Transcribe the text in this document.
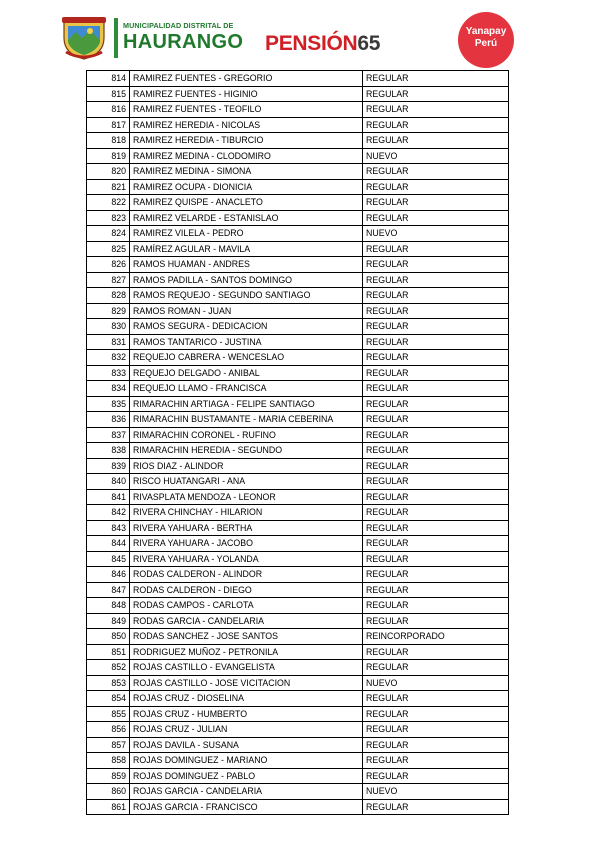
MUNICIPALIDAD DISTRITAL DE
HAURANGO PENSIÓN65
Yanapay
Perú
814	RAMIREZ FUENTES - GREGORIO	REGULAR
815	RAMIREZ FUENTES - HIGINIO	REGULAR
816	RAMIREZ FUENTES - TEOFILO	REGULAR
817	RAMIREZ HEREDIA - NICOLAS	REGULAR
818	RAMIREZ HEREDIA - TIBURCIO	REGULAR
819	RAMIREZ MEDINA - CLODOMIRO	NUEVO
820	RAMIREZ MEDINA - SIMONA	REGULAR
821	RAMIREZ OCUPA - DIONICIA	REGULAR
822	RAMIREZ QUISPE - ANACLETO	REGULAR
823	RAMIREZ VELARDE - ESTANISLAO	REGULAR
824	RAMIREZ VILELA - PEDRO	NUEVO
825	RAMÍREZ AGULAR - MAVILA	REGULAR
826	RAMOS HUAMAN - ANDRES	REGULAR
827	RAMOS PADILLA - SANTOS DOMINGO	REGULAR
828	RAMOS REQUEJO - SEGUNDO SANTIAGO	REGULAR
829	RAMOS ROMAN - JUAN	REGULAR
830	RAMOS SEGURA - DEDICACION	REGULAR
831	RAMOS TANTARICO - JUSTINA	REGULAR
832	REQUEJO CABRERA - WENCESLAO	REGULAR
833	REQUEJO DELGADO - ANIBAL	REGULAR
834	REQUEJO LLAMO - FRANCISCA	REGULAR
835	RIMARACHIN ARTIAGA - FELIPE SANTIAGO	REGULAR
836	RIMARACHIN BUSTAMANTE - MARIA CEBERINA	REGULAR
837	RIMARACHIN CORONEL - RUFINO	REGULAR
838	RIMARACHIN HEREDIA - SEGUNDO	REGULAR
839	RIOS DIAZ - ALINDOR	REGULAR
840	RISCO HUATANGARI - ANA	REGULAR
841	RIVASPLATA MENDOZA - LEONOR	REGULAR
842	RIVERA CHINCHAY - HILARION	REGULAR
843	RIVERA YAHUARA - BERTHA	REGULAR
844	RIVERA YAHUARA - JACOBO	REGULAR
845	RIVERA YAHUARA - YOLANDA	REGULAR
846	RODAS CALDERON - ALINDOR	REGULAR
847	RODAS CALDERON - DIEGO	REGULAR
848	RODAS CAMPOS - CARLOTA	REGULAR
849	RODAS GARCIA - CANDELARIA	REGULAR
850	RODAS SANCHEZ - JOSE SANTOS	REINCORPORADO
851	RODRIGUEZ MUÑOZ - PETRONILA	REGULAR
852	ROJAS CASTILLO - EVANGELISTA	REGULAR
853	ROJAS CASTILLO - JOSE VICITACION	NUEVO
854	ROJAS CRUZ - DIOSELINA	REGULAR
855	ROJAS CRUZ - HUMBERTO	REGULAR
856	ROJAS CRUZ - JULIAN	REGULAR
857	ROJAS DAVILA - SUSANA	REGULAR
858	ROJAS DOMINGUEZ - MARIANO	REGULAR
859	ROJAS DOMINGUEZ - PABLO	REGULAR
860	ROJAS GARCIA - CANDELARIA	NUEVO
861	ROJAS GARCIA - FRANCISCO	REGULAR
